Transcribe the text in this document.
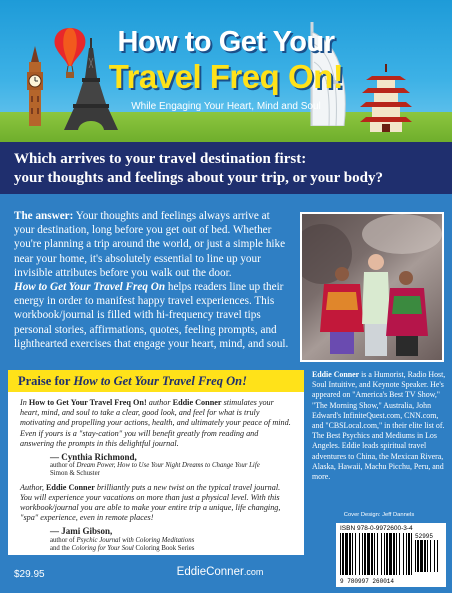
How to Get Your
Travel Freq On!
While Engaging Your Heart, Mind and Soul
Which arrives to your travel destination first:
your thoughts and feelings about your trip, or your body?

The answer: Your thoughts and feelings always arrive at your destination, long before you get out of bed. Whether you're planning a trip around the world, or just a simple hike near your home, it's absolutely essential to line up your invisible attributes before you walk out the door.

How to Get Your Travel Freq On helps readers line up their energy in order to manifest happy travel experiences. This workbook/journal is filled with hi-frequency travel tips personal stories, affirmations, quotes, feeling prompts, and lighthearted exercises that engage your heart, mind, and soul.

Praise for How to Get Your Travel Freq On!

In How to Get Your Travel Freq On! author Eddie Conner stimulates your heart, mind, and soul to take a clear, good look, and feel for what is truly motivating and propelling your actions, health, and ultimately your peace of mind. Even if yours is a "stay-cation" you will benefit greatly from reading and answering the prompts in this delightful journal.

— Cynthia Richmond,
author of Dream Power, How to Use Your Night Dreams to Change Your Life
Simon & Schuster

Author, Eddie Conner brilliantly puts a new twist on the typical travel journal. You will experience your vacations on more than just a physical level. With this workbook/journal you are able to make your entire trip a unique, life changing, "spa" experience, even in remote places!

— Jami Gibson,
author of Psychic Journal with Coloring Meditations
and the Coloring for Your Soul Coloring Book Series

Eddie Conner is a Humorist, Radio Host, Soul Intuitive, and Keynote Speaker. He's appeared on "America's Best TV Show," "The Morning Show," Australia, John Edward's InfiniteQuest.com, CNN.com, and "CBSLocal.com," in their elite list of. The Best Psychics and Mediums in Los Angeles. Eddie leads spiritual travel adventures to China, the Mexican Rivera, Alaska, Hawaii, Machu Picchu, Peru, and more.

Cover Design: Jeff Dannels
ISBN 978-0-9972600-3-4
52995
9 780997 260014
$29.95	EddieConner.com
